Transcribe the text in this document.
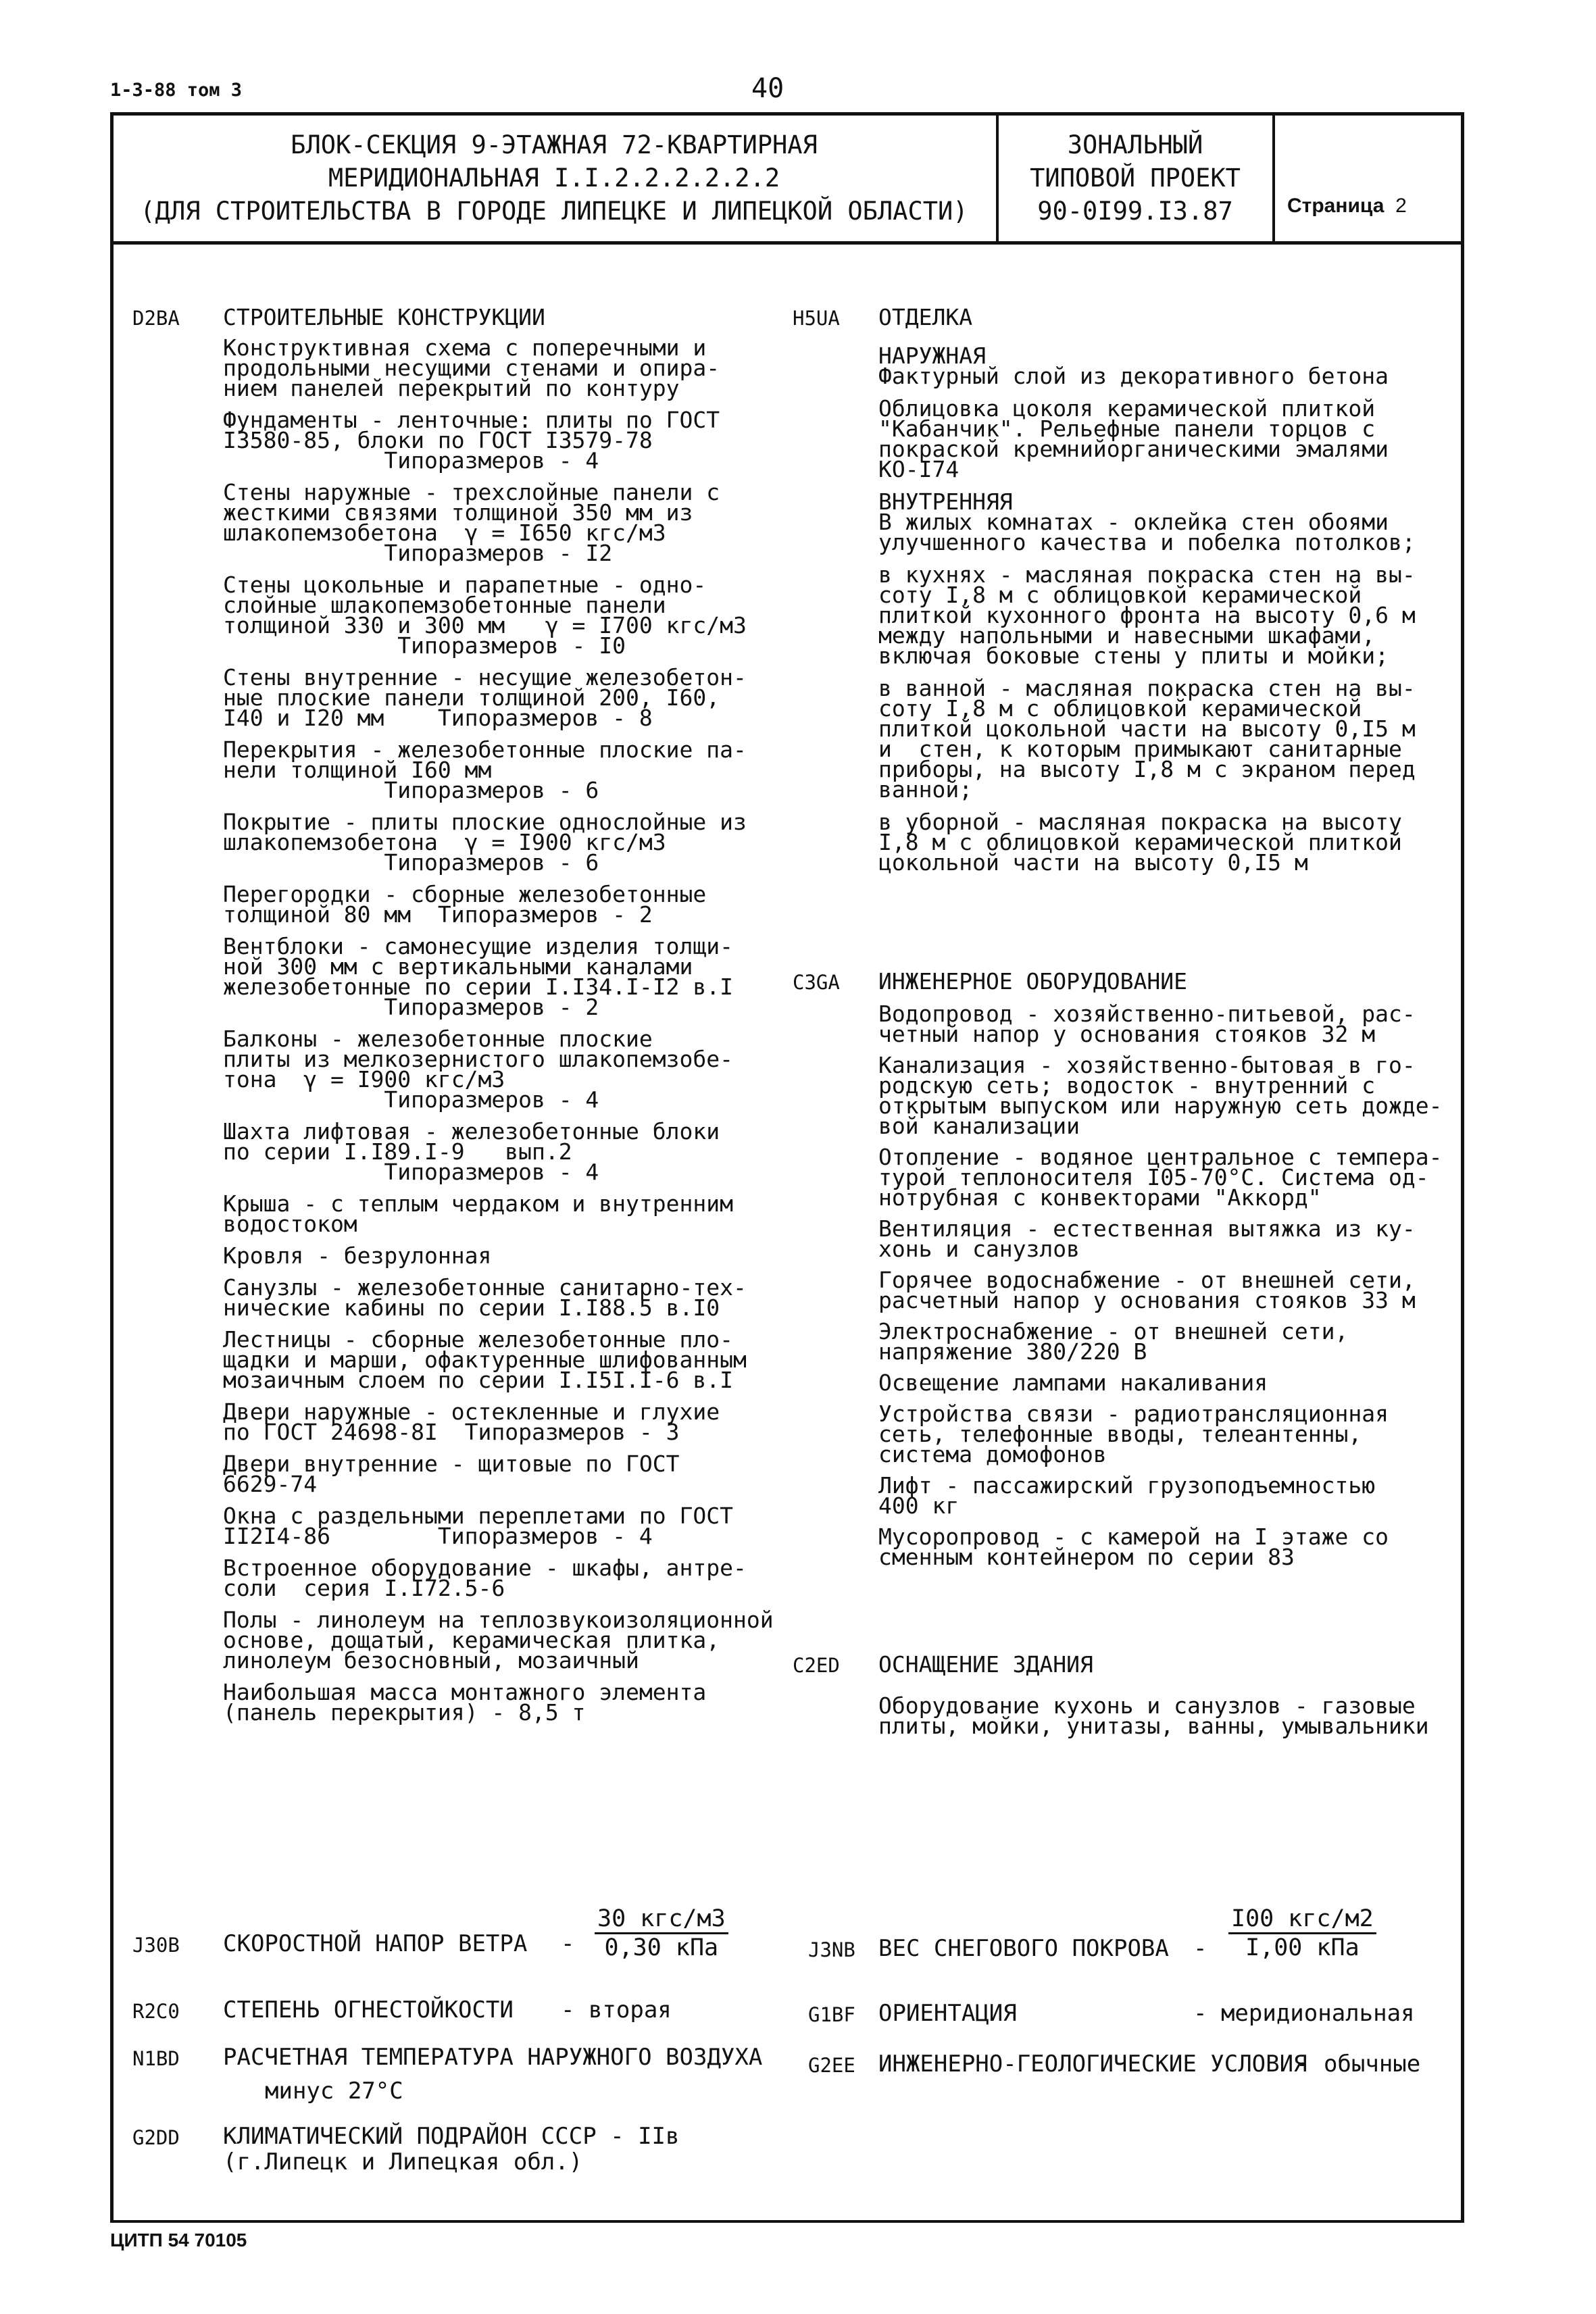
1-3-88 том 3	40
БЛОК-СЕКЦИЯ 9-ЭТАЖНАЯ 72-КВАРТИРНАЯ
МЕРИДИОНАЛЬНАЯ I.I.2.2.2.2.2.2
(ДЛЯ СТРОИТЕЛЬСТВА В ГОРОДЕ ЛИПЕЦКЕ И ЛИПЕЦКОЙ ОБЛАСТИ)
ЗОНАЛЬНЫЙ
ТИПОВОЙ ПРОЕКТ
90-0I99.I3.87	Страница 2
D2BA СТРОИТЕЛЬНЫЕ КОНСТРУКЦИИ
Конструктивная схема с поперечными и
продольными несущими стенами и опира-
нием панелей перекрытий по контуру
Фундаменты - ленточные: плиты по ГОСТ
I3580-85, блоки по ГОСТ I3579-78
Типоразмеров - 4
Стены наружные - трехслойные панели с
жесткими связями толщиной 350 мм из
шлакопемзобетона  γ = I650 кгс/м3
Типоразмеров - I2
Стены цокольные и парапетные - одно-
слойные шлакопемзобетонные панели
толщиной 330 и 300 мм   γ = I700 кгс/м3
Типоразмеров - I0
Стены внутренние - несущие железобетон-
ные плоские панели толщиной 200, I60,
I40 и I20 мм    Типоразмеров - 8
Перекрытия - железобетонные плоские па-
нели толщиной I60 мм
Типоразмеров - 6
Покрытие - плиты плоские однослойные из
шлакопемзобетона  γ = I900 кгс/м3
Типоразмеров - 6
Перегородки - сборные железобетонные
толщиной 80 мм  Типоразмеров - 2
Вентблоки - самонесущие изделия толщи-
ной 300 мм с вертикальными каналами
железобетонные по серии I.I34.I-I2 в.I
Типоразмеров - 2
Балконы - железобетонные плоские
плиты из мелкозернистого шлакопемзобе-
тона  γ = I900 кгс/м3
Типоразмеров - 4
Шахта лифтовая - железобетонные блоки
по серии I.I89.I-9   вып.2
Типоразмеров - 4
Крыша - с теплым чердаком и внутренним
водостоком
Кровля - безрулонная
Санузлы - железобетонные санитарно-тех-
нические кабины по серии I.I88.5 в.I0
Лестницы - сборные железобетонные пло-
щадки и марши, офактуренные шлифованным
мозаичным слоем по серии I.I5I.I-6 в.I
Двери наружные - остекленные и глухие
по ГОСТ 24698-8I  Типоразмеров - 3
Двери внутренние - щитовые по ГОСТ
6629-74
Окна с раздельными переплетами по ГОСТ
II2I4-86        Типоразмеров - 4
Встроенное оборудование - шкафы, антре-
соли  серия I.I72.5-6
Полы - линолеум на теплозвукоизоляционной
основе, дощатый, керамическая плитка,
линолеум безосновный, мозаичный
Наибольшая масса монтажного элемента
(панель перекрытия) - 8,5 т
H5UA ОТДЕЛКА
НАРУЖНАЯ
Фактурный слой из декоративного бетона
Облицовка цоколя керамической плиткой
"Кабанчик". Рельефные панели торцов с
покраской кремнийорганическими эмалями
КО-I74
ВНУТРЕННЯЯ
В жилых комнатах - оклейка стен обоями
улучшенного качества и побелка потолков;
в кухнях - масляная покраска стен на вы-
соту I,8 м с облицовкой керамической
плиткой кухонного фронта на высоту 0,6 м
между напольными и навесными шкафами,
включая боковые стены у плиты и мойки;
в ванной - масляная покраска стен на вы-
соту I,8 м с облицовкой керамической
плиткой цокольной части на высоту 0,I5 м
и  стен, к которым примыкают санитарные
приборы, на высоту I,8 м с экраном перед
ванной;
в уборной - масляная покраска на высоту
I,8 м с облицовкой керамической плиткой
цокольной части на высоту 0,I5 м
C3GA ИНЖЕНЕРНОЕ ОБОРУДОВАНИЕ
Водопровод - хозяйственно-питьевой, рас-
четный напор у основания стояков 32 м
Канализация - хозяйственно-бытовая в го-
родскую сеть; водосток - внутренний с
открытым выпуском или наружную сеть дожде-
вой канализации
Отопление - водяное центральное с темпера-
турой теплоносителя I05-70°С. Система од-
нотрубная с конвекторами "Аккорд"
Вентиляция - естественная вытяжка из ку-
хонь и санузлов
Горячее водоснабжение - от внешней сети,
расчетный напор у основания стояков 33 м
Электроснабжение - от внешней сети,
напряжение 380/220 В
Освещение лампами накаливания
Устройства связи - радиотрансляционная
сеть, телефонные вводы, телеантенны,
система домофонов
Лифт - пассажирский грузоподъемностью
400 кг
Мусоропровод - с камерой на I этаже со
сменным контейнером по серии 83
C2ED ОСНАЩЕНИЕ ЗДАНИЯ
Оборудование кухонь и санузлов - газовые
плиты, мойки, унитазы, ванны, умывальники
J30B СКОРОСТНОЙ НАПОР ВЕТРА -
30 кгс/м3
0,30 кПа	J3NB ВЕС СНЕГОВОГО ПОКРОВА -
I00 кгс/м2
I,00 кПа
R2C0 СТЕПЕНЬ ОГНЕСТОЙКОСТИ - вторая	G1BF ОРИЕНТАЦИЯ	- меридиональная
N1BD РАСЧЕТНАЯ ТЕМПЕРАТУРА НАРУЖНОГО ВОЗДУХА
минус 27°С
G2EE ИНЖЕНЕРНО-ГЕОЛОГИЧЕСКИЕ УСЛОВИЯ
- обычные
G2DD КЛИМАТИЧЕСКИЙ ПОДРАЙОН СССР - IIв
(г.Липецк и Липецкая обл.)
ЦИТП 54 70105
